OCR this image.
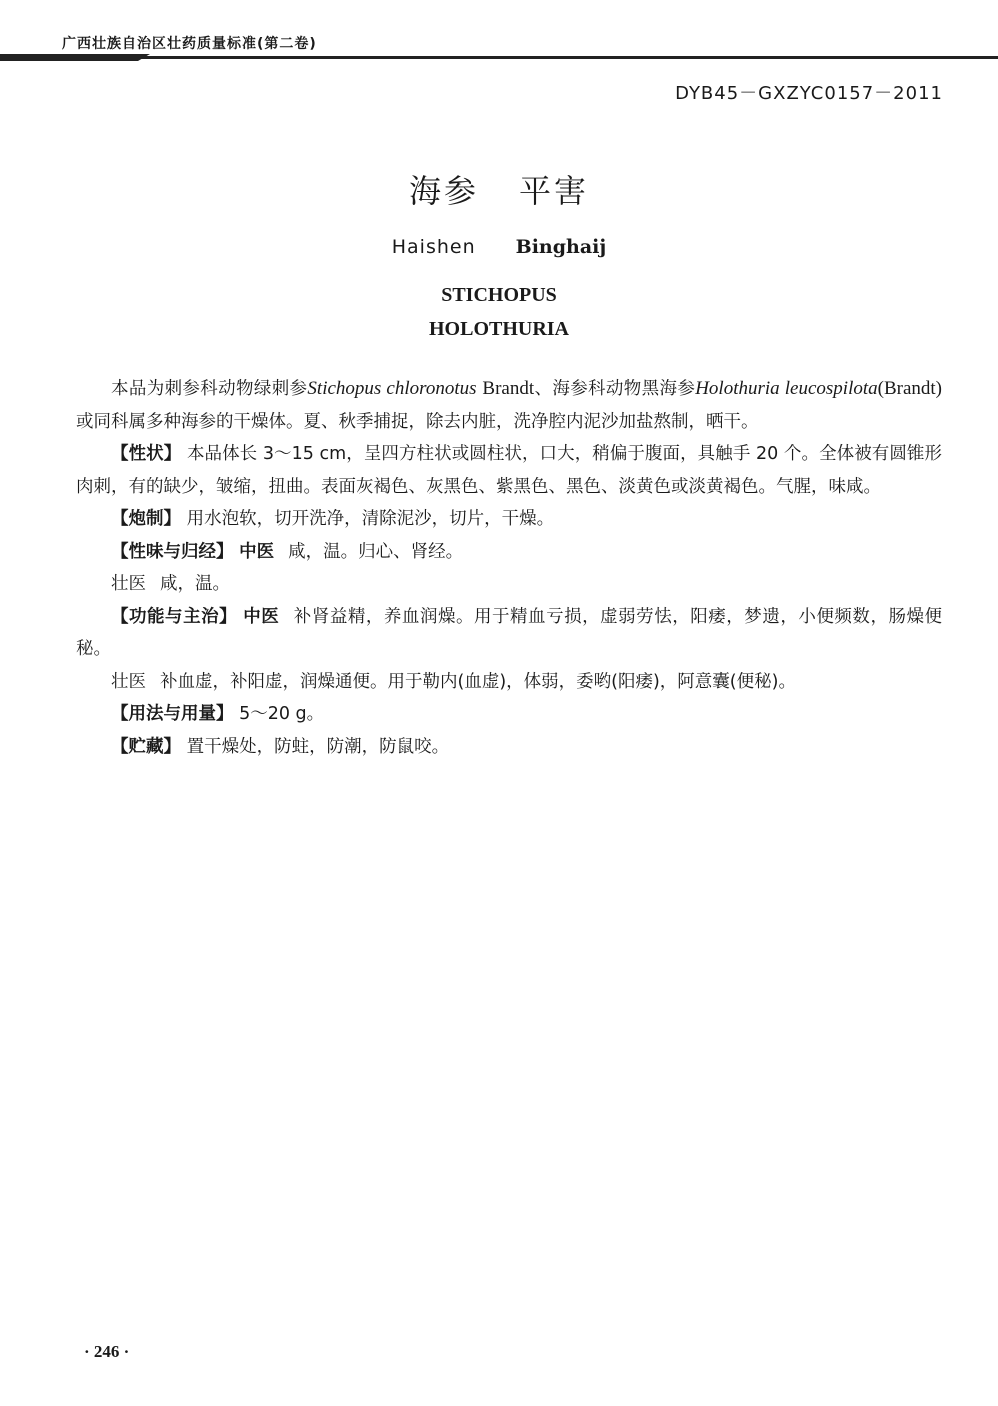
广西壮族自治区壮药质量标准(第二卷)
DYB45－GXZYC0157－2011
海参 平害
Haishen Binghaij
STICHOPUS
HOLOTHURIA

本品为刺参科动物绿刺参Stichopus chloronotus Brandt、海参科动物黑海参Holothuria leucospilota(Brandt)或同科属多种海参的干燥体。夏、秋季捕捉，除去内脏，洗净腔内泥沙加盐熬制，晒干。

【性状】 本品体长 3～15 cm，呈四方柱状或圆柱状，口大，稍偏于腹面，具触手 20 个。全体被有圆锥形肉刺，有的缺少，皱缩，扭曲。表面灰褐色、灰黑色、紫黑色、黑色、淡黄色或淡黄褐色。气腥，味咸。

【炮制】 用水泡软，切开洗净，清除泥沙，切片，干燥。

【性味与归经】 中医 咸，温。归心、肾经。

壮医 咸，温。

【功能与主治】 中医 补肾益精，养血润燥。用于精血亏损，虚弱劳怯，阳痿，梦遗，小便频数，肠燥便秘。

壮医 补血虚，补阳虚，润燥通便。用于勒内(血虚)，体弱，委哟(阳痿)，阿意囊(便秘)。

【用法与用量】 5～20 g。

【贮藏】 置干燥处，防蛀，防潮，防鼠咬。

· 246 ·
